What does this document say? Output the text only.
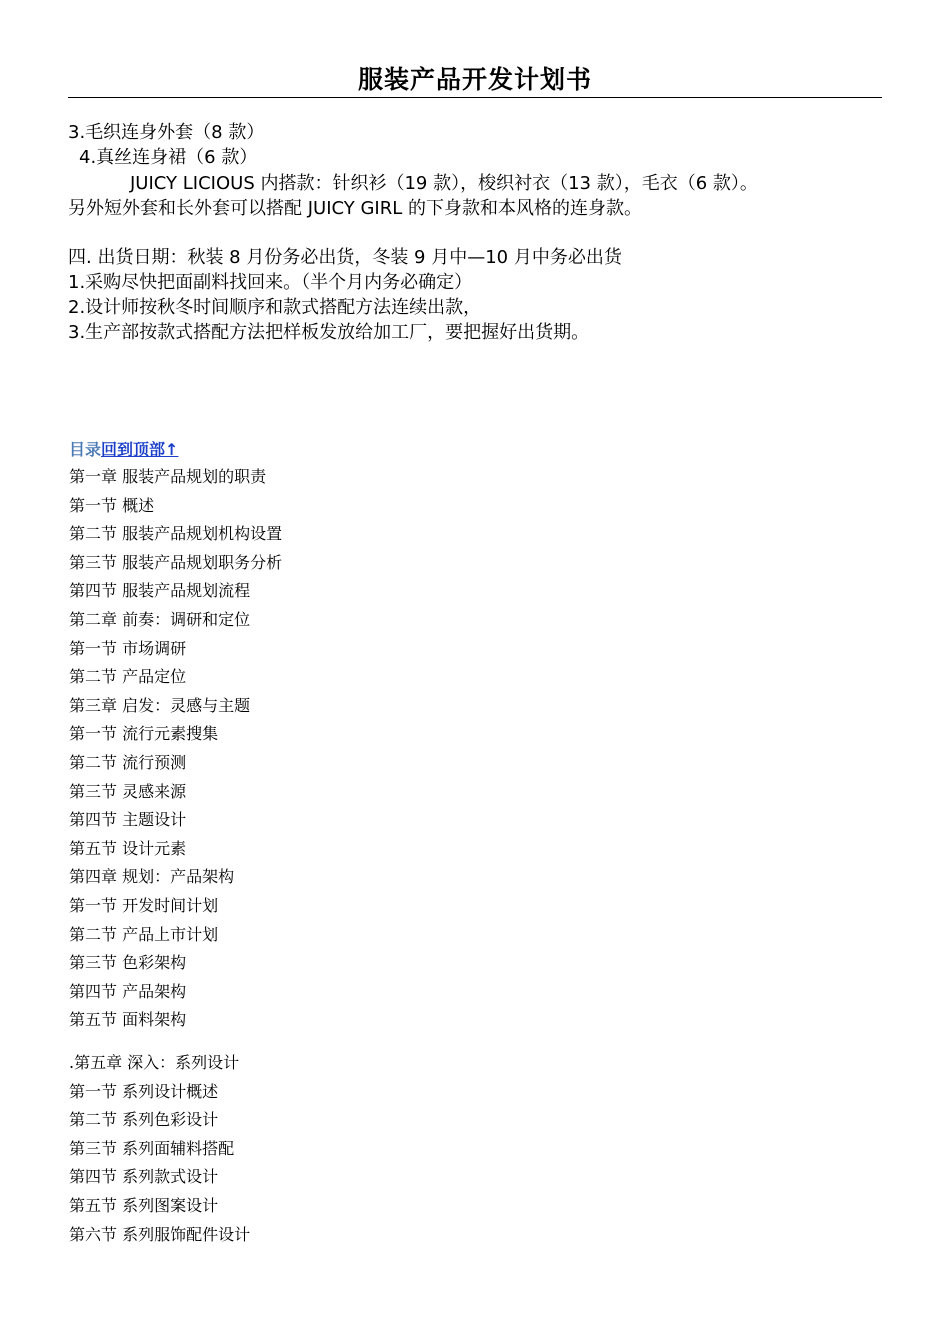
服装产品开发计划书
3.毛织连身外套（8 款）
4.真丝连身裙（6 款）
JUICY LICIOUS 内搭款：针织衫（19 款），梭织衬衣（13 款），毛衣（6 款）。
另外短外套和长外套可以搭配 JUICY GIRL 的下身款和本风格的连身款。
四. 出货日期：秋装 8 月份务必出货，冬装 9 月中—10 月中务必出货
1.采购尽快把面副料找回来。（半个月内务必确定）
2.设计师按秋冬时间顺序和款式搭配方法连续出款，
3.生产部按款式搭配方法把样板发放给加工厂，要把握好出货期。
目录回到顶部↑
第一章 服装产品规划的职责
第一节 概述
第二节 服装产品规划机构设置
第三节 服装产品规划职务分析
第四节 服装产品规划流程
第二章 前奏：调研和定位
第一节 市场调研
第二节 产品定位
第三章 启发：灵感与主题
第一节 流行元素搜集
第二节 流行预测
第三节 灵感来源
第四节 主题设计
第五节 设计元素
第四章 规划：产品架构
第一节 开发时间计划
第二节 产品上市计划
第三节 色彩架构
第四节 产品架构
第五节 面料架构
.第五章 深入：系列设计
第一节 系列设计概述
第二节 系列色彩设计
第三节 系列面辅料搭配
第四节 系列款式设计
第五节 系列图案设计
第六节 系列服饰配件设计
